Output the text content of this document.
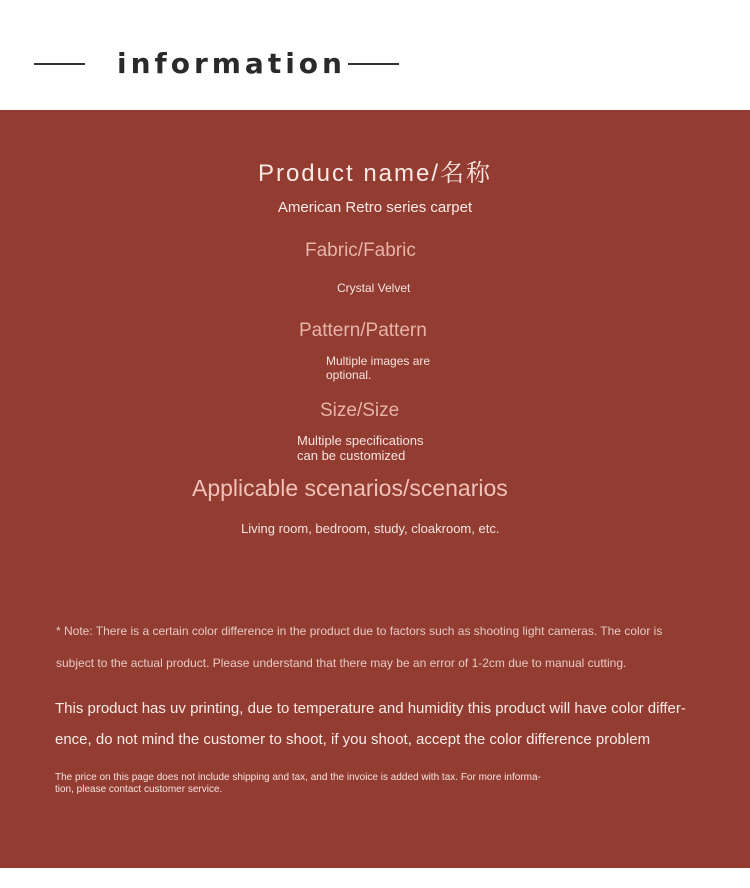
information
Product name/名称
American Retro series carpet
Fabric/Fabric
Crystal Velvet
Pattern/Pattern
Multiple images are
optional.
Size/Size
Multiple specifications
can be customized
Applicable scenarios/scenarios
Living room, bedroom, study, cloakroom, etc.
* Note: There is a certain color difference in the product due to factors such as shooting light cameras. The color is
subject to the actual product. Please understand that there may be an error of 1-2cm due to manual cutting.
This product has uv printing, due to temperature and humidity this product will have color differ-
ence, do not mind the customer to shoot, if you shoot, accept the color difference problem
The price on this page does not include shipping and tax, and the invoice is added with tax. For more informa-
tion, please contact customer service.
